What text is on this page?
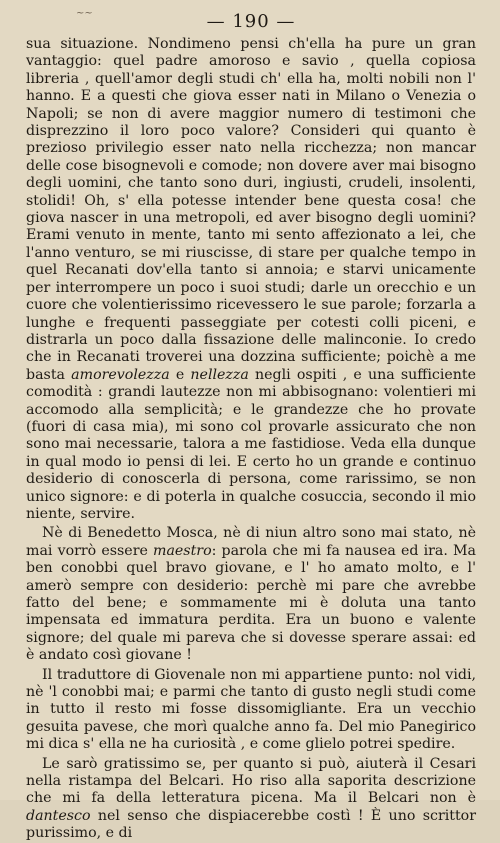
~~	— 190 —

sua situazione. Nondimeno pensi ch'ella ha pure un gran vantaggio: quel padre amoroso e savio , quella copiosa libreria , quell'amor degli studi ch' ella ha, molti nobili non l' hanno. E a questi che giova esser nati in Milano o Venezia o Napoli; se non di avere maggior numero di testimoni che disprezzino il loro poco valore? Consideri qui quanto è prezioso privilegio esser nato nella ricchezza; non mancar delle cose bisognevoli e comode; non dovere aver mai bisogno degli uomini, che tanto sono duri, ingiusti, crudeli, insolenti, stolidi! Oh, s' ella potesse intender bene questa cosa! che giova nascer in una metropoli, ed aver bisogno degli uomini? Erami venuto in mente, tanto mi sento affezionato a lei, che l'anno venturo, se mi riuscisse, di stare per qualche tempo in quel Recanati dov'ella tanto si annoia; e starvi unicamente per interrompere un poco i suoi studi; darle un orecchio e un cuore che volentierissimo ricevessero le sue parole; forzarla a lunghe e frequenti passeggiate per cotesti colli piceni, e distrarla un poco dalla fissazione delle malinconie. Io credo che in Recanati troverei una dozzina sufficiente; poichè a me basta amorevolezza e nellezza negli ospiti , e una sufficiente comodità : grandi lautezze non mi abbisognano: volentieri mi accomodo alla semplicità; e le grandezze che ho provate (fuori di casa mia), mi sono col provarle assicurato che non sono mai necessarie, talora a me fastidiose. Veda ella dunque in qual modo io pensi di lei. E certo ho un grande e continuo desiderio di conoscerla di persona, come rarissimo, se non unico signore: e di poterla in qualche cosuccia, secondo il mio niente, servire.

Nè di Benedetto Mosca, nè di niun altro sono mai stato, nè mai vorrò essere maestro: parola che mi fa nausea ed ira. Ma ben conobbi quel bravo giovane, e l' ho amato molto, e l' amerò sempre con desiderio: perchè mi pare che avrebbe fatto del bene; e sommamente mi è doluta una tanto impensata ed immatura perdita. Era un buono e valente signore; del quale mi pareva che si dovesse sperare assai: ed è andato così giovane !

Il traduttore di Giovenale non mi appartiene punto: nol vidi, nè 'l conobbi mai; e parmi che tanto di gusto negli studi come in tutto il resto mi fosse dissomigliante. Era un vecchio gesuita pavese, che morì qualche anno fa. Del mio Panegirico mi dica s' ella ne ha curiosità , e come glielo potrei spedire.

Le sarò gratissimo se, per quanto si può, aiuterà il Cesari nella ristampa del Belcari. Ho riso alla saporita descrizione che mi fa della letteratura picena. Ma il Belcari non è dantesco nel senso che dispiacerebbe costì ! È uno scrittor purissimo, e di
